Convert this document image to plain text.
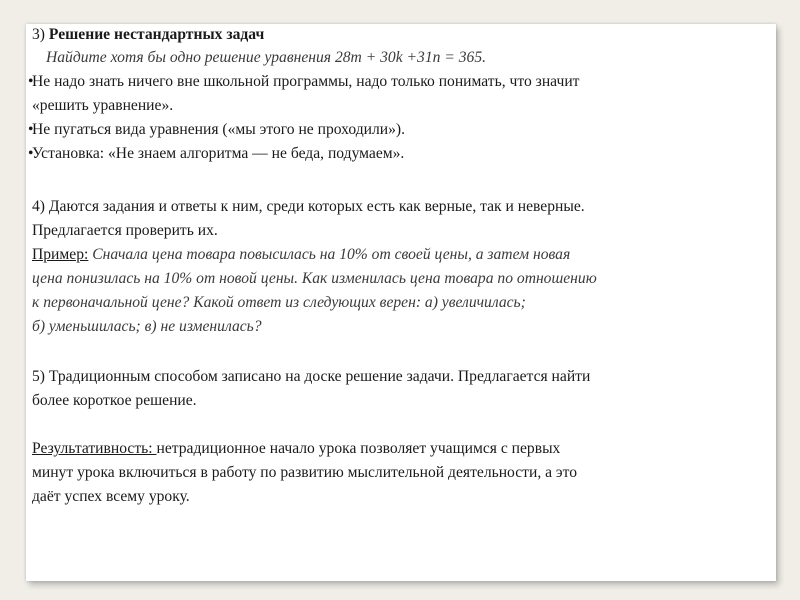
3) Решение нестандартных задач
Найдите хотя бы одно решение уравнения 28m + 30k +31n = 365.
•
Не надо знать ничего вне школьной программы, надо только понимать, что значит
«решить уравнение».
•
Не пугаться вида уравнения («мы этого не проходили»).
•
Установка: «Не знаем алгоритма — не беда, подумаем».
4) Даются задания и ответы к ним, среди которых есть как верные, так и неверные.
Предлагается проверить их.
Пример: Сначала цена товара повысилась на 10% от своей цены, а затем новая
цена понизилась на 10% от новой цены. Как изменилась цена товара по отношению
к первоначальной цене? Какой ответ из следующих верен: а) увеличилась;
б) уменьшилась; в) не изменилась?
5) Традиционным способом записано на доске решение задачи. Предлагается найти
более короткое решение.
Результативность: нетрадиционное начало урока позволяет учащимся с первых
минут урока включиться в работу по развитию мыслительной деятельности, а это
даёт успех всему уроку.
